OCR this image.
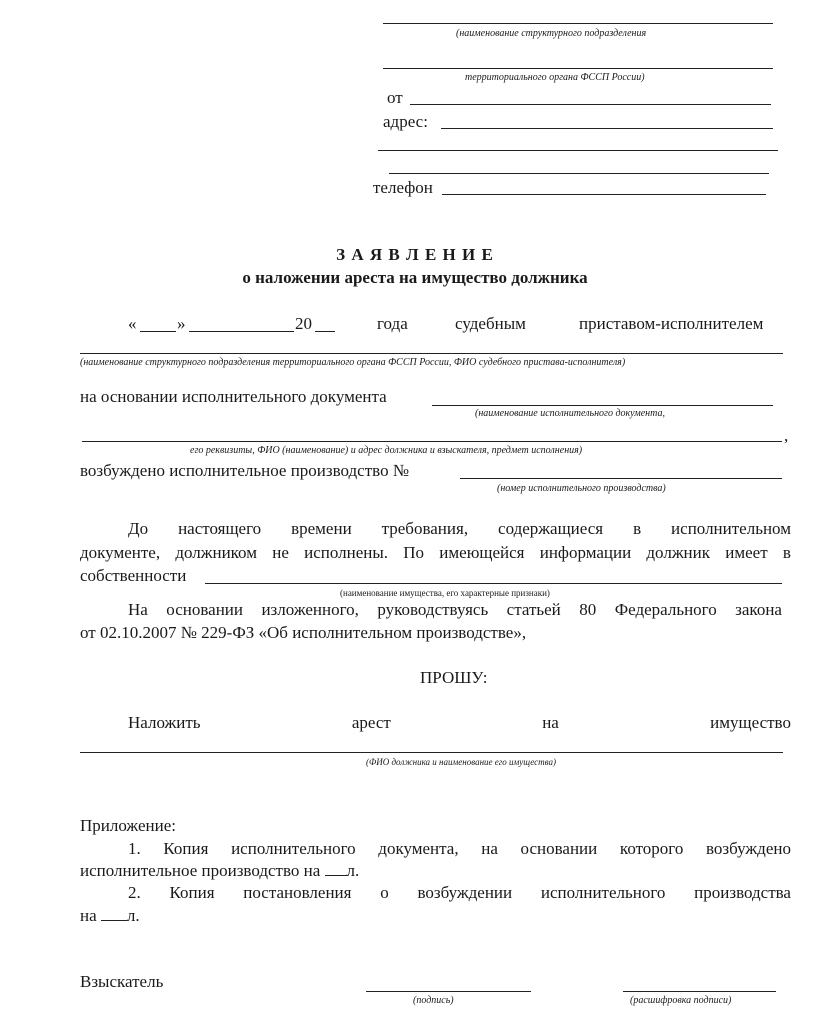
(наименование структурного подразделения
территориального органа ФССП России)
от
адрес:
телефон
З А Я В Л Е Н И Е
о наложении ареста на имущество должника
« »	20	года	судебным	приставом-исполнителем
(наименование структурного подразделения территориального органа ФССП России, ФИО судебного пристава-исполнителя)
на основании исполнительного документа
(наименование исполнительного документа,
,
его реквизиты, ФИО (наименование) и адрес должника и взыскателя, предмет исполнения)
возбуждено исполнительное производство №
(номер исполнительного производства)
До настоящего времени требования, содержащиеся в исполнительном
документе, должником не исполнены. По имеющейся информации должник имеет в
собственности
(наименование имущества, его характерные признаки)
На основании изложенного, руководствуясь статьей 80 Федерального закона
от 02.10.2007 № 229-ФЗ «Об исполнительном производстве»,
ПРОШУ:
Наложить	арест	на	имущество
(ФИО должника и наименование его имущества)
Приложение:
1. Копия исполнительного документа, на основании которого возбуждено
исполнительное производство на л.
2. Копия постановления о возбуждении исполнительного производства
на л.
Взыскатель
(подпись)	(расшифровка подписи)
